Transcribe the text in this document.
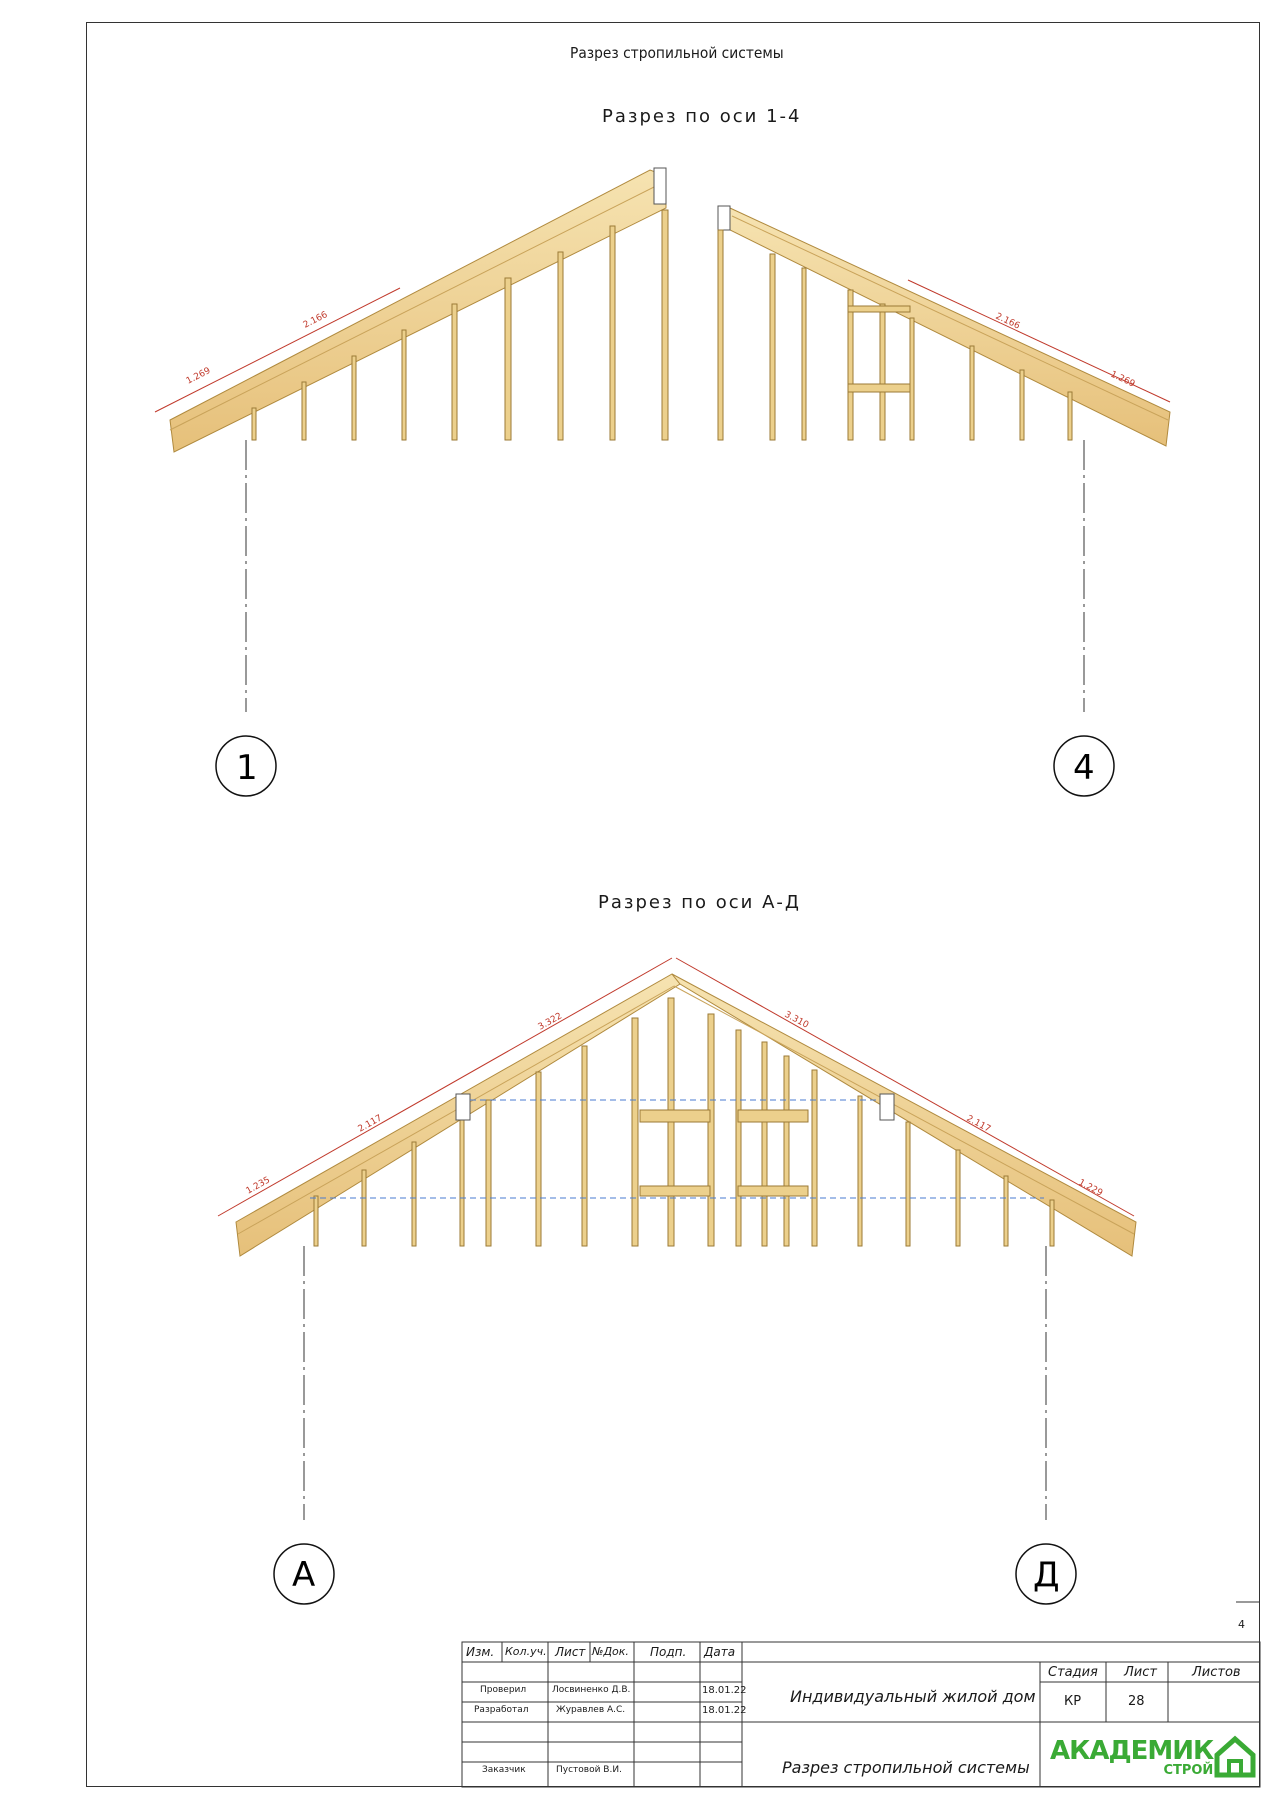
Разрез стропильной системы
Разрез по оси 1-4
Разрез по оси А-Д
1.269
2.166	2.166
1.269
1	4
1.235
2.117
3.322	3.310
2.117
1.229
А	Д
4
Изм. Кол.уч. Лист №Док. Подп. Дата
Проверил	Лосвиненко Д.В.	18.01.22
Разработал	Журавлев А.С.	18.01.22
Заказчик	Пустовой В.И.
Индивидуальный жилой дом
Разрез стропильной системы
Стадия Лист	Листов
КР	28
АКАДЕМИК
СТРОЙ
